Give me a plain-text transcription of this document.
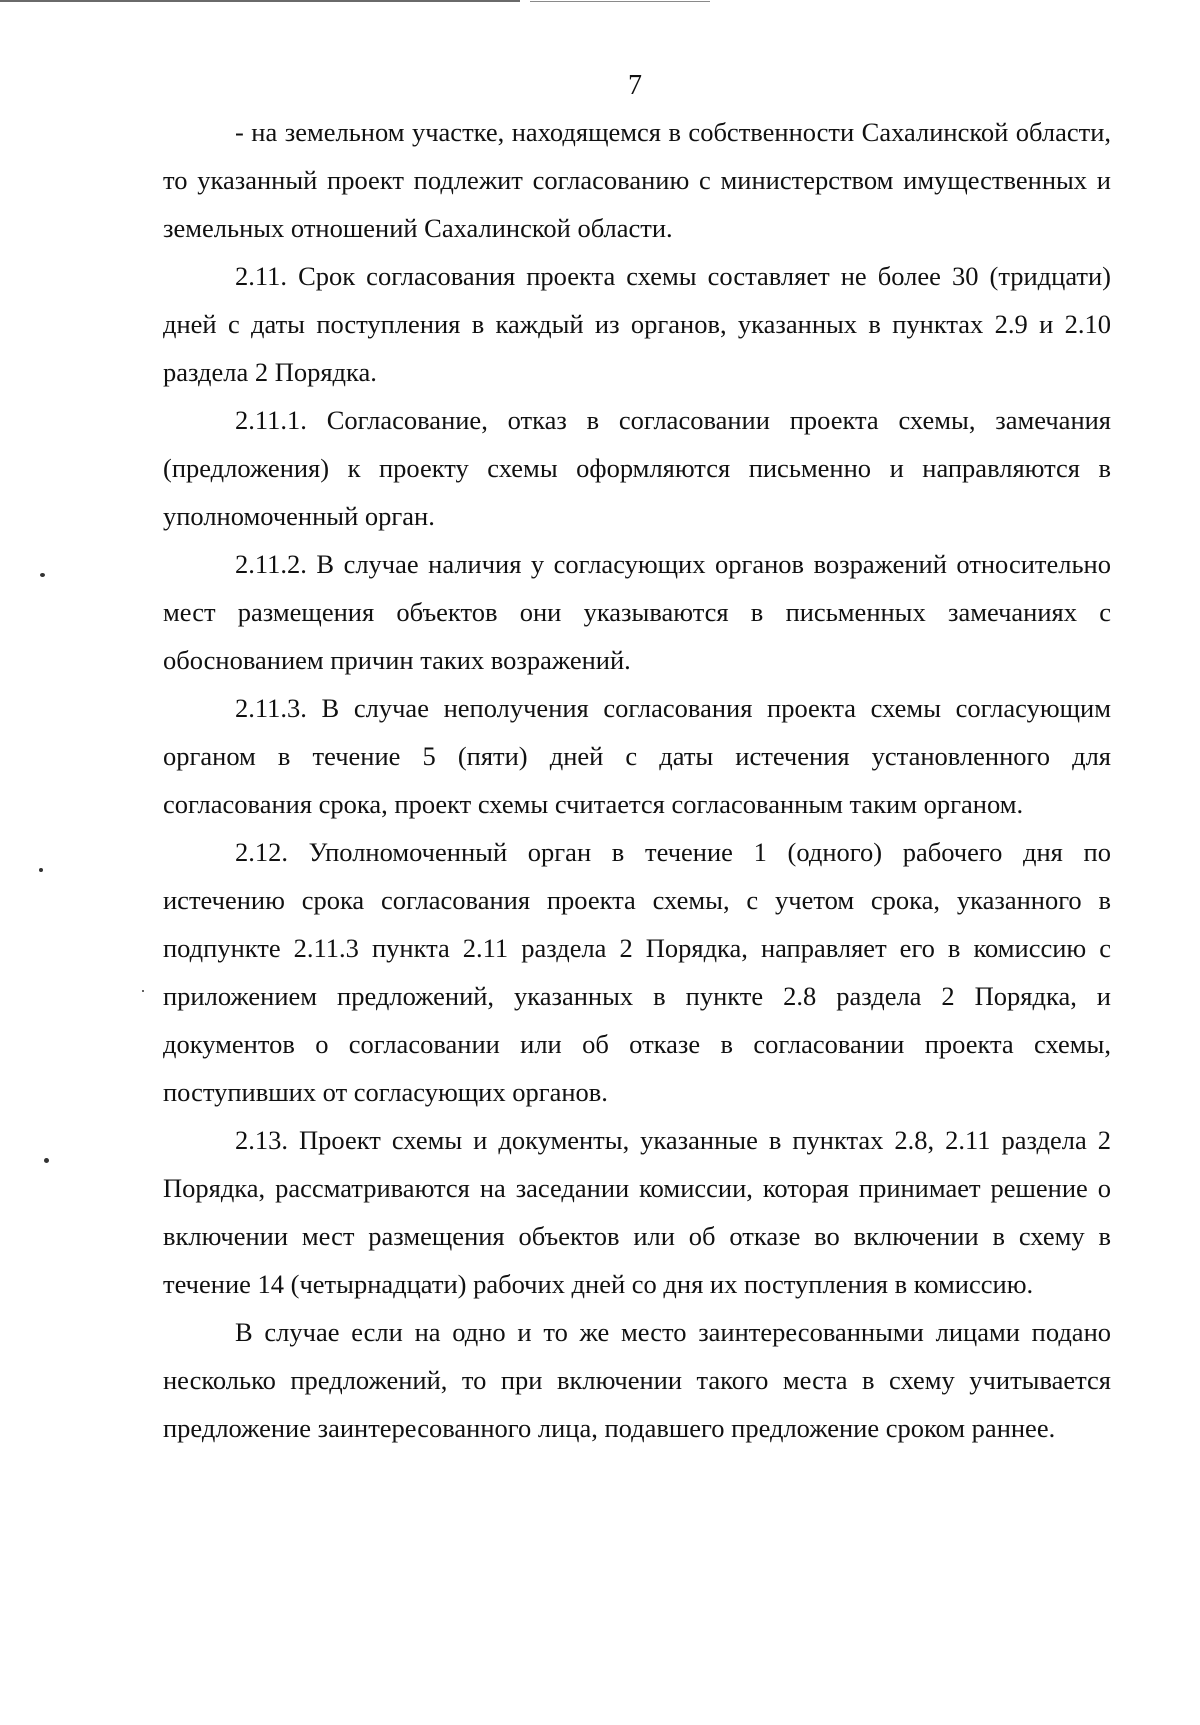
7

- на земельном участке, находящемся в собственности Сахалинской области, то указанный проект подлежит согласованию с министерством имущественных и земельных отношений Сахалинской области.

2.11. Срок согласования проекта схемы составляет не более 30 (тридцати) дней с даты поступления в каждый из органов, указанных в пунктах 2.9 и 2.10 раздела 2 Порядка.

2.11.1. Согласование, отказ в согласовании проекта схемы, замечания (предложения) к проекту схемы оформляются письменно и направляются в уполномоченный орган.

2.11.2. В случае наличия у согласующих органов возражений относительно мест размещения объектов они указываются в письменных замечаниях с обоснованием причин таких возражений.

2.11.3. В случае неполучения согласования проекта схемы согласующим органом в течение 5 (пяти) дней с даты истечения установленного для согласования срока, проект схемы считается согласованным таким органом.

2.12. Уполномоченный орган в течение 1 (одного) рабочего дня по истечению срока согласования проекта схемы, с учетом срока, указанного в подпункте 2.11.3 пункта 2.11 раздела 2 Порядка, направляет его в комиссию с приложением предложений, указанных в пункте 2.8 раздела 2 Порядка, и документов о согласовании или об отказе в согласовании проекта схемы, поступивших от согласующих органов.

2.13. Проект схемы и документы, указанные в пунктах 2.8, 2.11 раздела 2 Порядка, рассматриваются на заседании комиссии, которая принимает решение о включении мест размещения объектов или об отказе во включении в схему в течение 14 (четырнадцати) рабочих дней со дня их поступления в комиссию.

В случае если на одно и то же место заинтересованными лицами подано несколько предложений, то при включении такого места в схему учитывается предложение заинтересованного лица, подавшего предложение сроком раннее.
